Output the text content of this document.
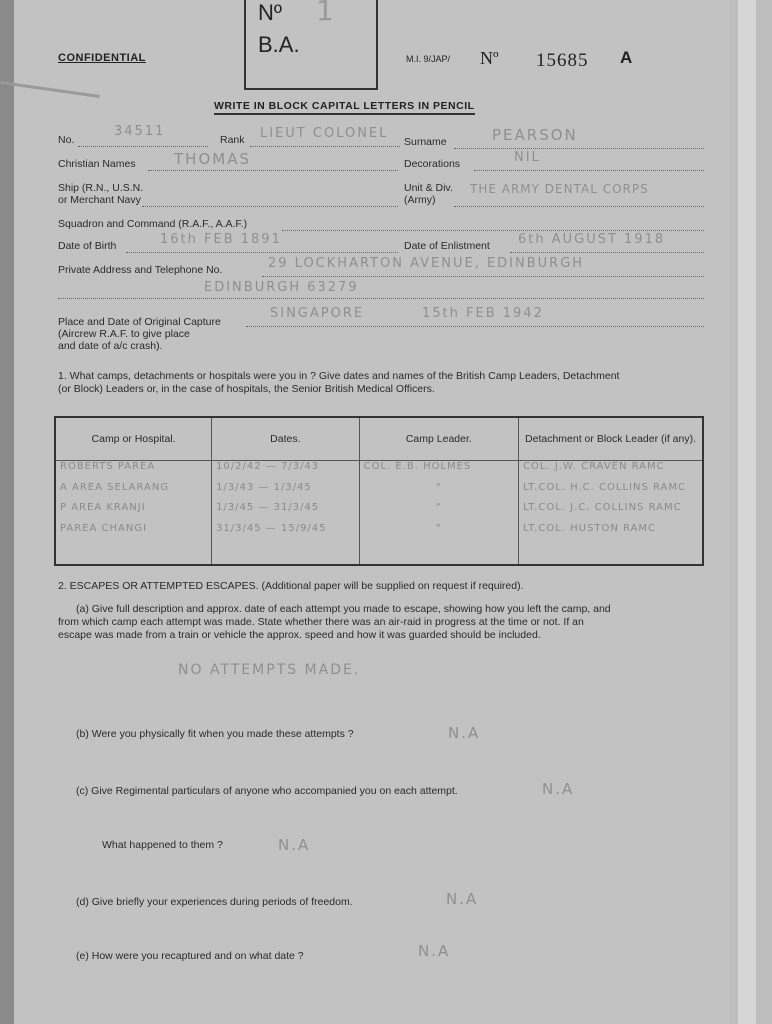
Nº
B.A.
1
CONFIDENTIAL	M.I. 9/JAP/ Nº 15685 A
WRITE IN BLOCK CAPITAL LETTERS IN PENCIL
No.
34511
Rank LIEUT COLONEL
Surname	PEARSON
Christian Names	THOMAS	Decorations	NIL
Ship (R.N., U.S.N.
or Merchant Navy
Unit & Div.
(Army)
THE ARMY DENTAL CORPS
Squadron and Command (R.A.F., A.A.F.)
Date of Birth	16th FEB 1891	Date of Enlistment 6th AUGUST 1918
Private Address and Telephone No.	29 LOCKHARTON AVENUE, EDINBURGH
EDINBURGH 63279
Place and Date of Original Capture
(Aircrew R.A.F. to give place
and date of a/c crash).
SINGAPORE	15th FEB 1942
1. What camps, detachments or hospitals were you in ? Give dates and names of the British Camp Leaders, Detachment
(or Block) Leaders or, in the case of hospitals, the Senior British Medical Officers.
Camp or Hospital.	Dates.	Camp Leader.	Detachment or Block Leader (if any).
ROBERTS PAREA	10/2/42 — 7/3/43	COL. E.B. HOLMES	COL. J.W. CRAVEN RAMC
A AREA SELARANG	1/3/43 — 1/3/45	"	LT.COL. H.C. COLLINS RAMC
P AREA KRANJI	1/3/45 — 31/3/45	"	LT.COL. J.C. COLLINS RAMC
PAREA CHANGI	31/3/45 — 15/9/45	"	LT.COL. HUSTON RAMC

2. ESCAPES OR ATTEMPTED ESCAPES. (Additional paper will be supplied on request if required).
(a) Give full description and approx. date of each attempt you made to escape, showing how you left the camp, and
from which camp each attempt was made. State whether there was an air-raid in progress at the time or not. If an
escape was made from a train or vehicle the approx. speed and how it was guarded should be included.
NO ATTEMPTS MADE.
(b) Were you physically fit when you made these attempts ?	N.A
(c) Give Regimental particulars of anyone who accompanied you on each attempt.	N.A
What happened to them ?	N.A
(d) Give briefly your experiences during periods of freedom.	N.A
(e) How were you recaptured and on what date ?	N.A
